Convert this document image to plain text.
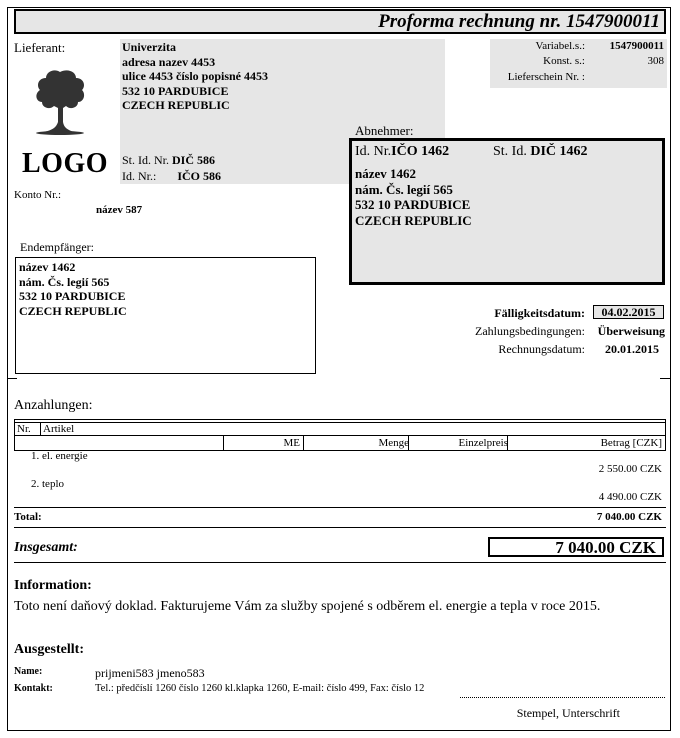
Proforma rechnung nr. 1547900011
Lieferant:	Univerzita
adresa nazev 4453
ulice 4453 číslo popisné 4453
532 10 PARDUBICE
CZECH REPUBLIC
St. Id. Nr. DIČ 586
Id. Nr.: IČO 586
LOGO
Konto Nr.:
název 587
Variabel.s.:	1547900011
Konst. s.:	308
Lieferschein Nr. :
Abnehmer:
Id. Nr.IČO 1462	St. Id. DIČ 1462
název 1462
nám. Čs. legií 565
532 10 PARDUBICE
CZECH REPUBLIC
Endempfänger:
název 1462
nám. Čs. legií 565
532 10 PARDUBICE
CZECH REPUBLIC	Fälligkeitsdatum:	04.02.2015
Zahlungsbedingungen:	Überweisung
Rechnungsdatum:	20.01.2015
Anzahlungen:
Nr. Artikel
ME	Menge	Einzelpreis	Betrag [CZK]
1. el. energie
2 550.00 CZK
2. teplo
4 490.00 CZK
Total:	7 040.00 CZK
Insgesamt:	7 040.00 CZK
Information:
Toto není daňový doklad. Fakturujeme Vám za služby spojené s odběrem el. energie a tepla v roce 2015.
Ausgestellt:
Name:	prijmeni583 jmeno583
Kontakt:	Tel.: předčíslí 1260 číslo 1260 kl.klapka 1260, E-mail: číslo 499, Fax: číslo 12
Stempel, Unterschrift
